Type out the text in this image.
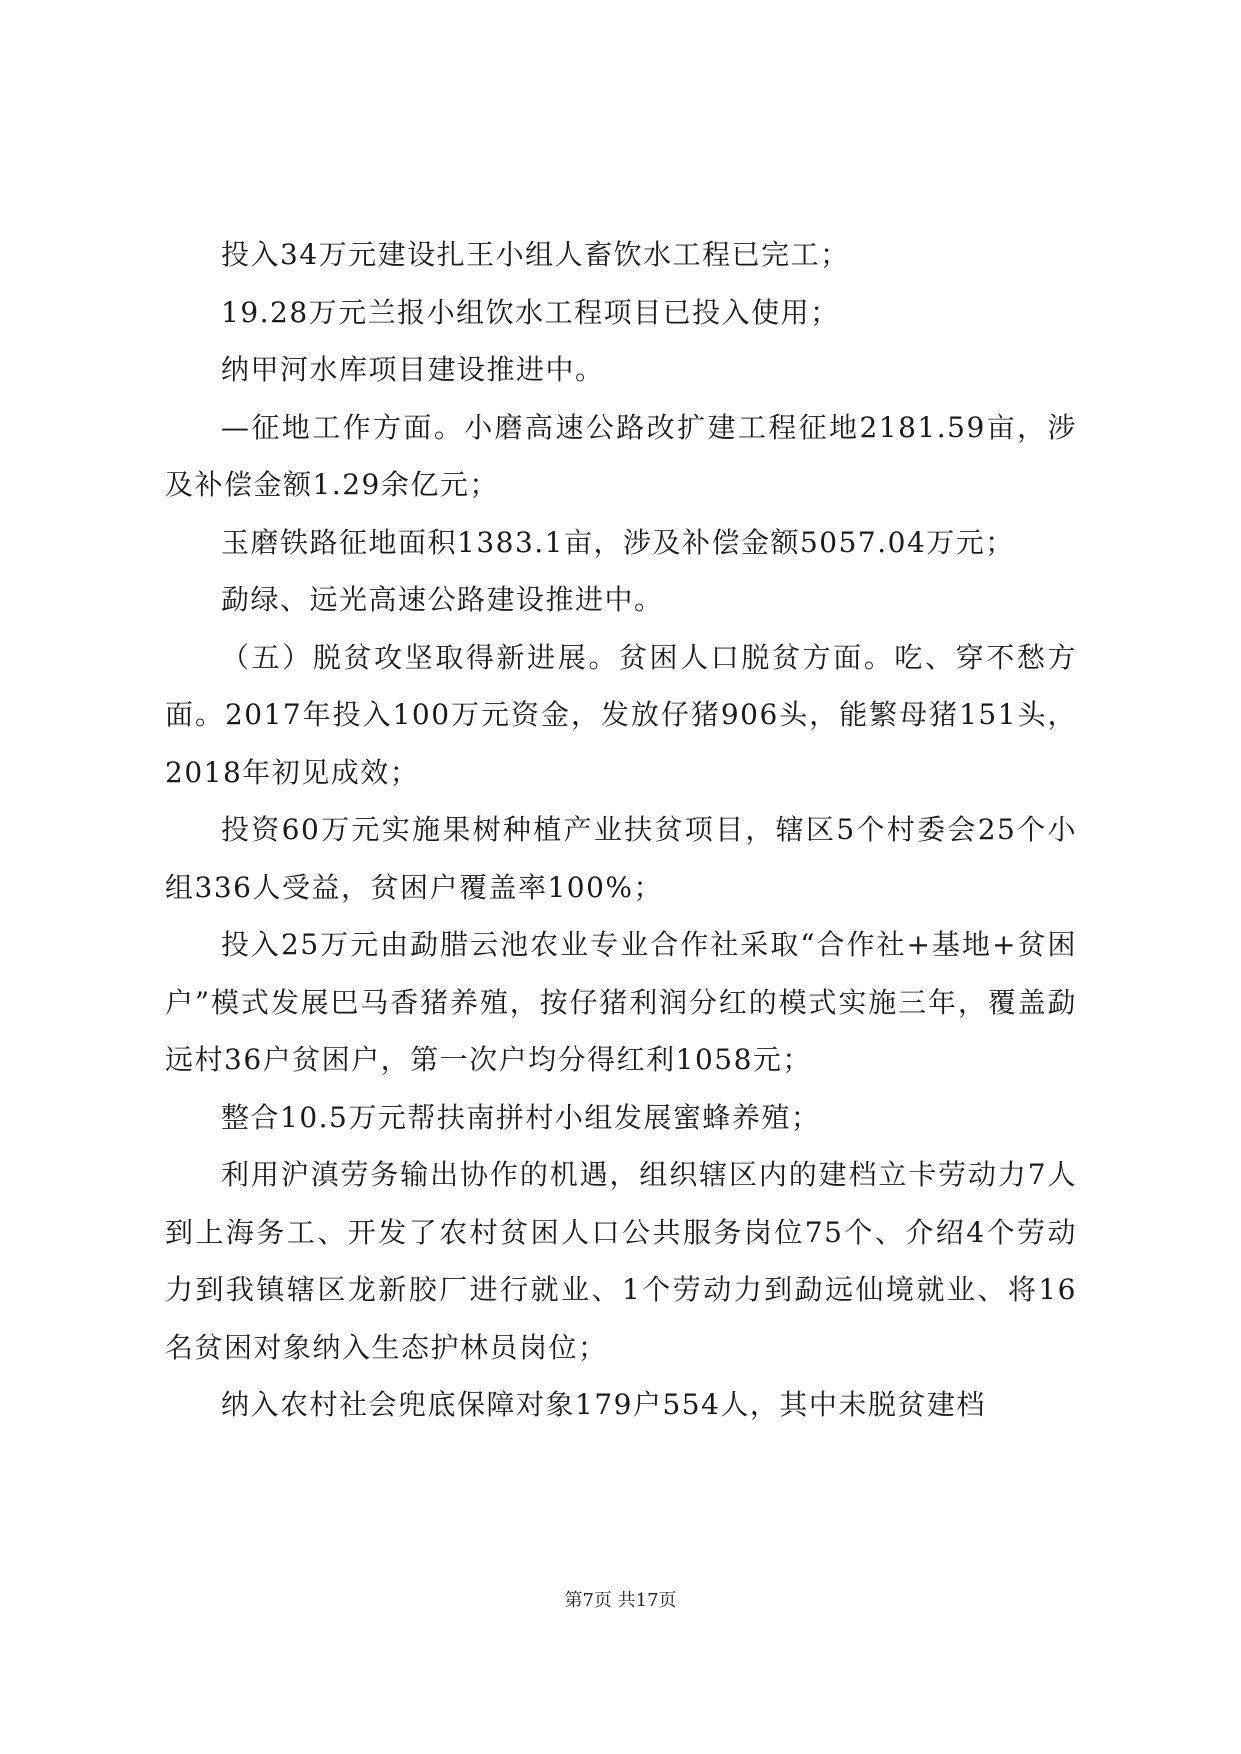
投入34万元建设扎王小组人畜饮水工程已完工；

19.28万元兰报小组饮水工程项目已投入使用；

纳甲河水库项目建设推进中。

—征地工作方面。小磨高速公路改扩建工程征地2181.59亩，涉及补偿金额1.29余亿元；

玉磨铁路征地面积1383.1亩，涉及补偿金额5057.04万元；

勐绿、远光高速公路建设推进中。

（五）脱贫攻坚取得新进展。贫困人口脱贫方面。吃、穿不愁方面。2017年投入100万元资金，发放仔猪906头，能繁母猪151头，2018年初见成效；

投资60万元实施果树种植产业扶贫项目，辖区5个村委会25个小组336人受益，贫困户覆盖率100%；

投入25万元由勐腊云池农业专业合作社采取“合作社+基地+贫困户”模式发展巴马香猪养殖，按仔猪利润分红的模式实施三年，覆盖勐远村36户贫困户，第一次户均分得红利1058元；

整合10.5万元帮扶南拼村小组发展蜜蜂养殖；

利用沪滇劳务输出协作的机遇，组织辖区内的建档立卡劳动力7人到上海务工、开发了农村贫困人口公共服务岗位75个、介绍4个劳动力到我镇辖区龙新胶厂进行就业、1个劳动力到勐远仙境就业、将16名贫困对象纳入生态护林员岗位；

纳入农村社会兜底保障对象179户554人，其中未脱贫建档

第7页 共17页
